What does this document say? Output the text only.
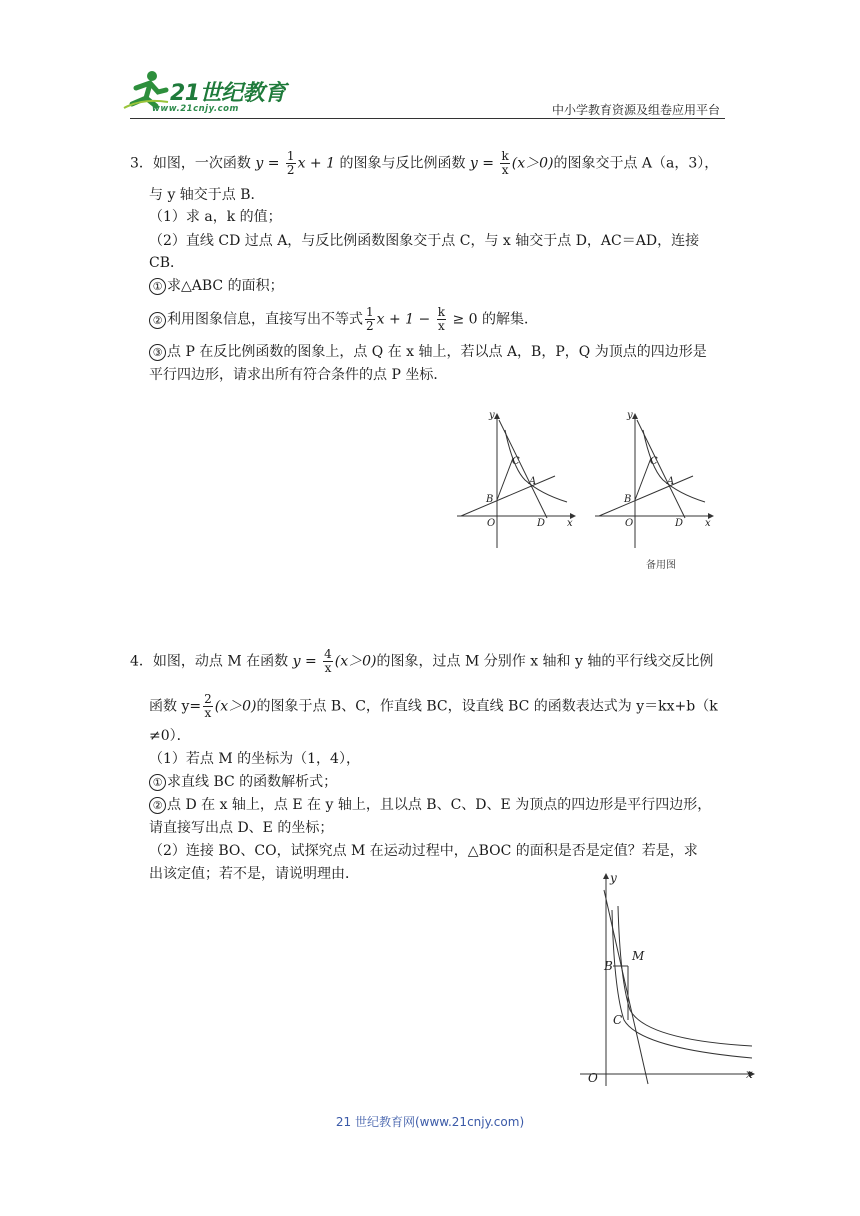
21世纪教育
www.21cnjy.com	中小学教育资源及组卷应用平台
3．如图，一次函数 $y = \frac{1}{2}$ x + 1 的图象与反比例函数 $y = \frac{k}{x} (x>0)$的图象交于点 A（a，3），
与 y 轴交于点 B．
（1）求 a，k 的值；
（2）直线 CD 过点 A，与反比例函数图象交于点 C，与 x 轴交于点 D，AC＝AD，连接
CB．
① 求△ABC 的面积；
② 利用图象信息，直接写出不等式 $\frac{1}{2}$ $x + 1 - \frac{k}{x} \ge 0$ 的解集．
③ 点 P 在反比例函数的图象上，点 Q 在 x 轴上，若以点 A，B，P，Q 为顶点的四边形是
平行四边形，请求出所有符合条件的点 P 坐标．
y
x
O
B
C
A
D
y
x
O
B
C
A
D
备用图
4．如图，动点 M 在函数 $y = \frac{4}{x} (x>0)$的图象，过点 M 分别作 x 轴和 y 轴的平行线交反比例
函数 $y= \frac{2}{x} (x>0)$的图象于点 B、C，作直线 BC，设直线 BC 的函数表达式为 y＝kx+b（k
≠0）．
（1）若点 M 的坐标为（1，4），
① 求直线 BC 的函数解析式；
② 点 D 在 x 轴上，点 E 在 y 轴上，且以点 B、C、D、E 为顶点的四边形是平行四边形，
请直接写出点 D、E 的坐标；
（2）连接 BO、CO，试探究点 M 在运动过程中，△BOC 的面积是否是定值？若是，求
出该定值；若不是，请说明理由．	y
x
O
B
M
C
21 世纪教育网(www.21cnjy.com)
